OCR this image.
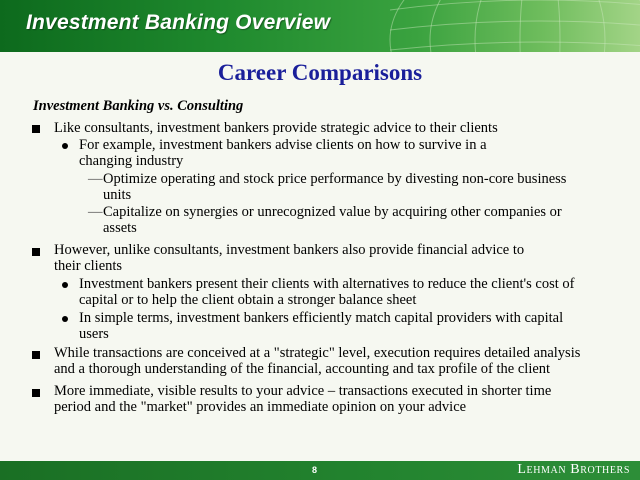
Investment Banking Overview
Career Comparisons
Investment Banking vs. Consulting
Like consultants, investment bankers provide strategic advice to their clients
For example, investment bankers advise clients on how to survive in a
changing industry
— Optimize operating and stock price performance by divesting non-core business
units
— Capitalize on synergies or unrecognized value by acquiring other companies or
assets
However, unlike consultants, investment bankers also provide financial advice to
their clients
Investment bankers present their clients with alternatives to reduce the client's cost of
capital or to help the client obtain a stronger balance sheet
In simple terms, investment bankers efficiently match capital providers with capital
users
While transactions are conceived at a "strategic" level, execution requires detailed analysis
and a thorough understanding of the financial, accounting and tax profile of the client
More immediate, visible results to your advice – transactions executed in shorter time
period and the "market" provides an immediate opinion on your advice
8	Lehman Brothers
